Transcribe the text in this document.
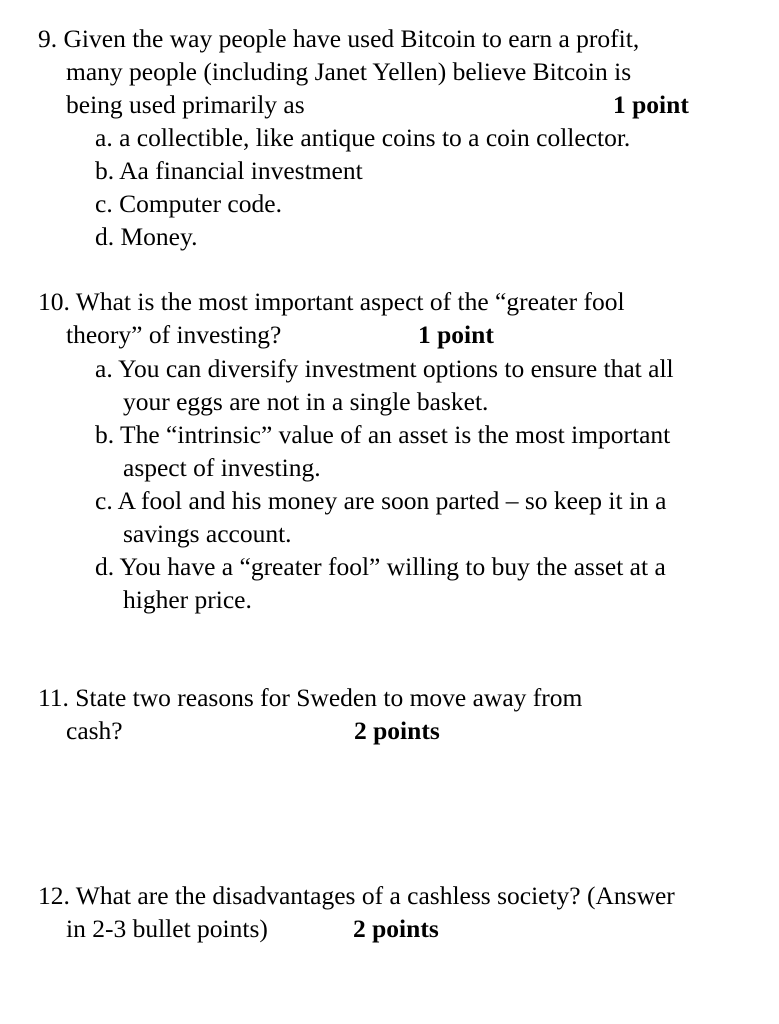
9. Given the way people have used Bitcoin to earn a profit,
many people (including Janet Yellen) believe Bitcoin is
being used primarily as	1 point
a. a collectible, like antique coins to a coin collector.
b. Aa financial investment
c. Computer code.
d. Money.
10. What is the most important aspect of the “greater fool
theory” of investing?	1 point
a. You can diversify investment options to ensure that all
your eggs are not in a single basket.
b. The “intrinsic” value of an asset is the most important
aspect of investing.
c. A fool and his money are soon parted – so keep it in a
savings account.
d. You have a “greater fool” willing to buy the asset at a
higher price.
11. State two reasons for Sweden to move away from
cash?	2 points
12. What are the disadvantages of a cashless society? (Answer
in 2-3 bullet points)	2 points
